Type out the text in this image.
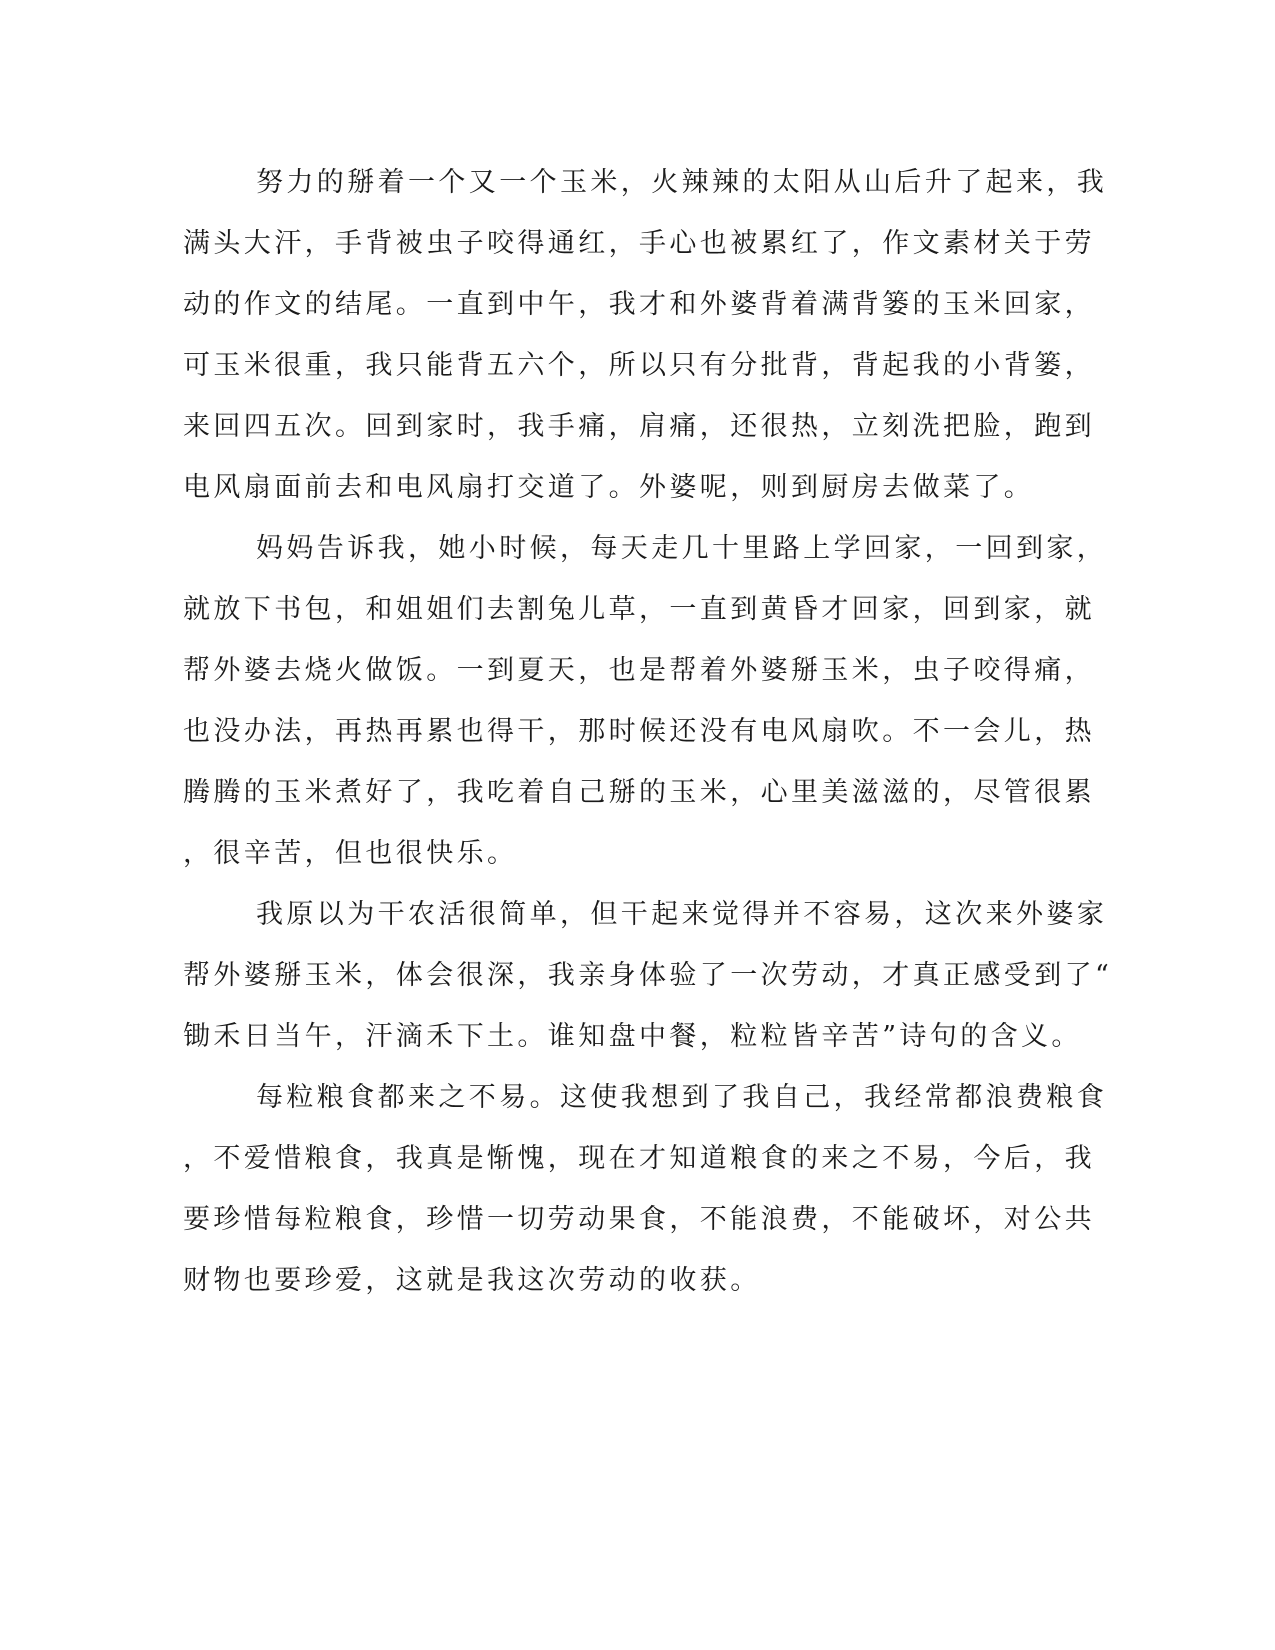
努力的掰着一个又一个玉米，火辣辣的太阳从山后升了起来，我
满头大汗，手背被虫子咬得通红，手心也被累红了，作文素材关于劳
动的作文的结尾。一直到中午，我才和外婆背着满背篓的玉米回家，
可玉米很重，我只能背五六个，所以只有分批背，背起我的小背篓，
来回四五次。回到家时，我手痛，肩痛，还很热，立刻洗把脸，跑到
电风扇面前去和电风扇打交道了。外婆呢，则到厨房去做菜了。
妈妈告诉我，她小时候，每天走几十里路上学回家，一回到家，
就放下书包，和姐姐们去割兔儿草，一直到黄昏才回家，回到家，就
帮外婆去烧火做饭。一到夏天，也是帮着外婆掰玉米，虫子咬得痛，
也没办法，再热再累也得干，那时候还没有电风扇吹。不一会儿，热
腾腾的玉米煮好了，我吃着自己掰的玉米，心里美滋滋的，尽管很累
，很辛苦，但也很快乐。
我原以为干农活很简单，但干起来觉得并不容易，这次来外婆家
帮外婆掰玉米，体会很深，我亲身体验了一次劳动，才真正感受到了“
锄禾日当午，汗滴禾下土。谁知盘中餐，粒粒皆辛苦”诗句的含义。
每粒粮食都来之不易。这使我想到了我自己，我经常都浪费粮食
，不爱惜粮食，我真是惭愧，现在才知道粮食的来之不易，今后，我
要珍惜每粒粮食，珍惜一切劳动果食，不能浪费，不能破坏，对公共
财物也要珍爱，这就是我这次劳动的收获。
